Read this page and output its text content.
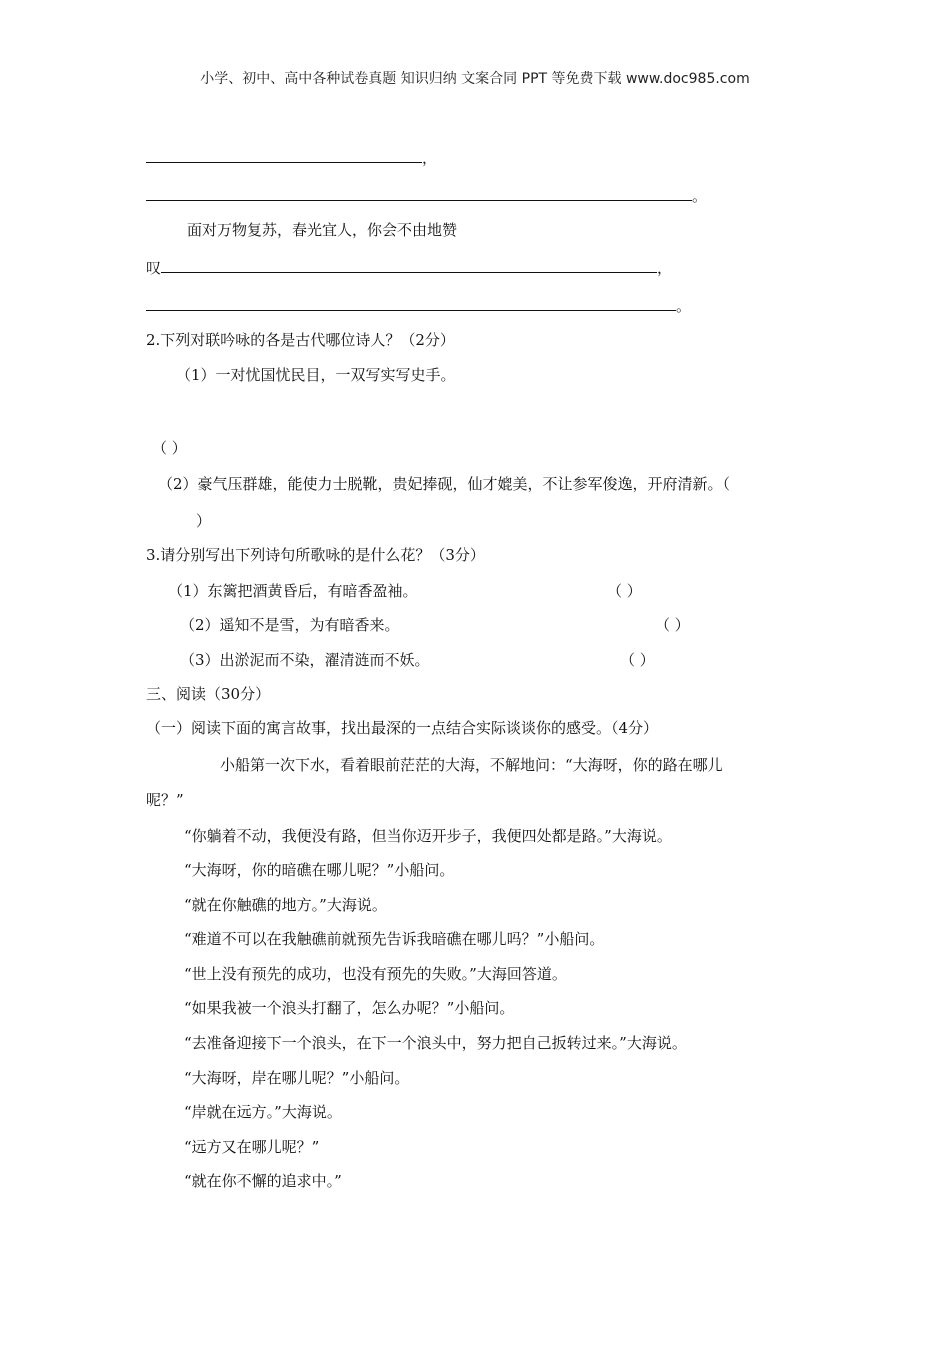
小学、初中、高中各种试卷真题 知识归纳 文案合同 PPT 等免费下载 www.doc985.com
，
。
面对万物复苏，春光宜人，你会不由地赞
叹	，
。
2.下列对联吟咏的各是古代哪位诗人？（2分）
（1）一对忧国忧民目，一双写实写史手。
（ ）
（2）豪气压群雄，能使力士脱靴，贵妃捧砚，仙才媲美，不让参军俊逸，开府清新。（
）
3.请分别写出下列诗句所歌咏的是什么花？（3分）
（1）东篱把酒黄昏后，有暗香盈袖。	（ ）
（2）遥知不是雪，为有暗香来。	（ ）
（3）出淤泥而不染，濯清涟而不妖。	（ ）
三、阅读（30分）
（一）阅读下面的寓言故事，找出最深的一点结合实际谈谈你的感受。（4分）
小船第一次下水，看着眼前茫茫的大海，不解地问：“大海呀，你的路在哪儿
呢？”
“你躺着不动，我便没有路，但当你迈开步子，我便四处都是路。”大海说。
“大海呀，你的暗礁在哪儿呢？”小船问。
“就在你触礁的地方。”大海说。
“难道不可以在我触礁前就预先告诉我暗礁在哪儿吗？”小船问。
“世上没有预先的成功，也没有预先的失败。”大海回答道。
“如果我被一个浪头打翻了，怎么办呢？”小船问。
“去准备迎接下一个浪头，在下一个浪头中，努力把自己扳转过来。”大海说。
“大海呀，岸在哪儿呢？”小船问。
“岸就在远方。”大海说。
“远方又在哪儿呢？”
“就在你不懈的追求中。”
